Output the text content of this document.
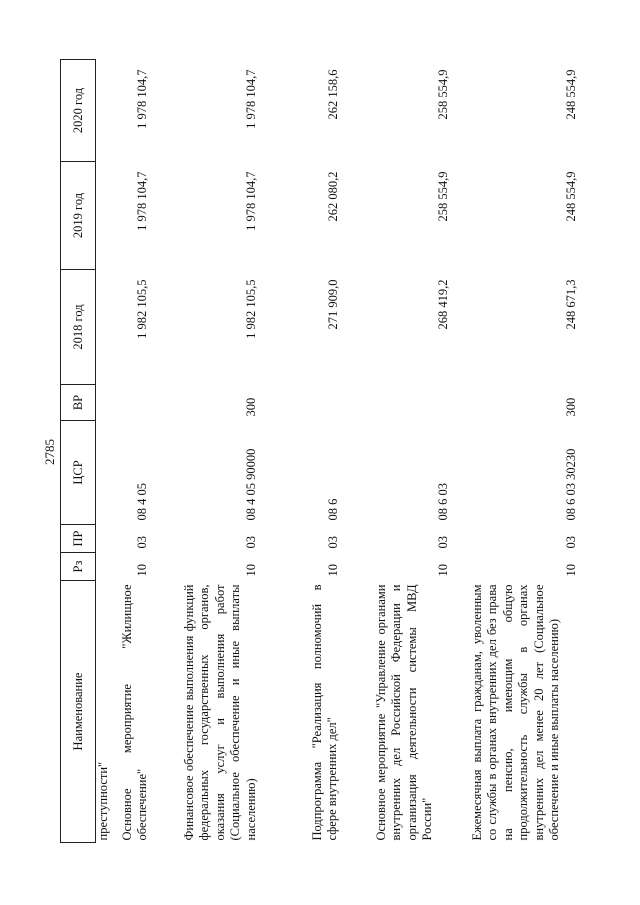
2785
Наименование	Рз	ПР	ЦСР	ВР	2018 год	2019 год	2020 год
преступности"							
Основное мероприятие "Жилищное обеспечение"	10	03	08 4 05		1 982 105,5	1 978 104,7	1 978 104,7
Финансовое обеспечение выполнения функций федеральных государственных органов, оказания услуг и выполнения работ (Социальное обеспечение и иные выплаты населению)	10	03	08 4 05 90000	300	1 982 105,5	1 978 104,7	1 978 104,7
Подпрограмма "Реализация полномочий в сфере внутренних дел"	10	03	08 6		271 909,0	262 080,2	262 158,6
Основное мероприятие "Управление органами внутренних дел Российской Федерации и организация деятельности системы МВД России"	10	03	08 6 03		268 419,2	258 554,9	258 554,9
Ежемесячная выплата гражданам, уволенным со службы в органах внутренних дел без права на пенсию, имеющим общую продолжительность службы в органах внутренних дел менее 20 лет (Социальное обеспечение и иные выплаты населению)	10	03	08 6 03 30230	300	248 671,3	248 554,9	248 554,9
